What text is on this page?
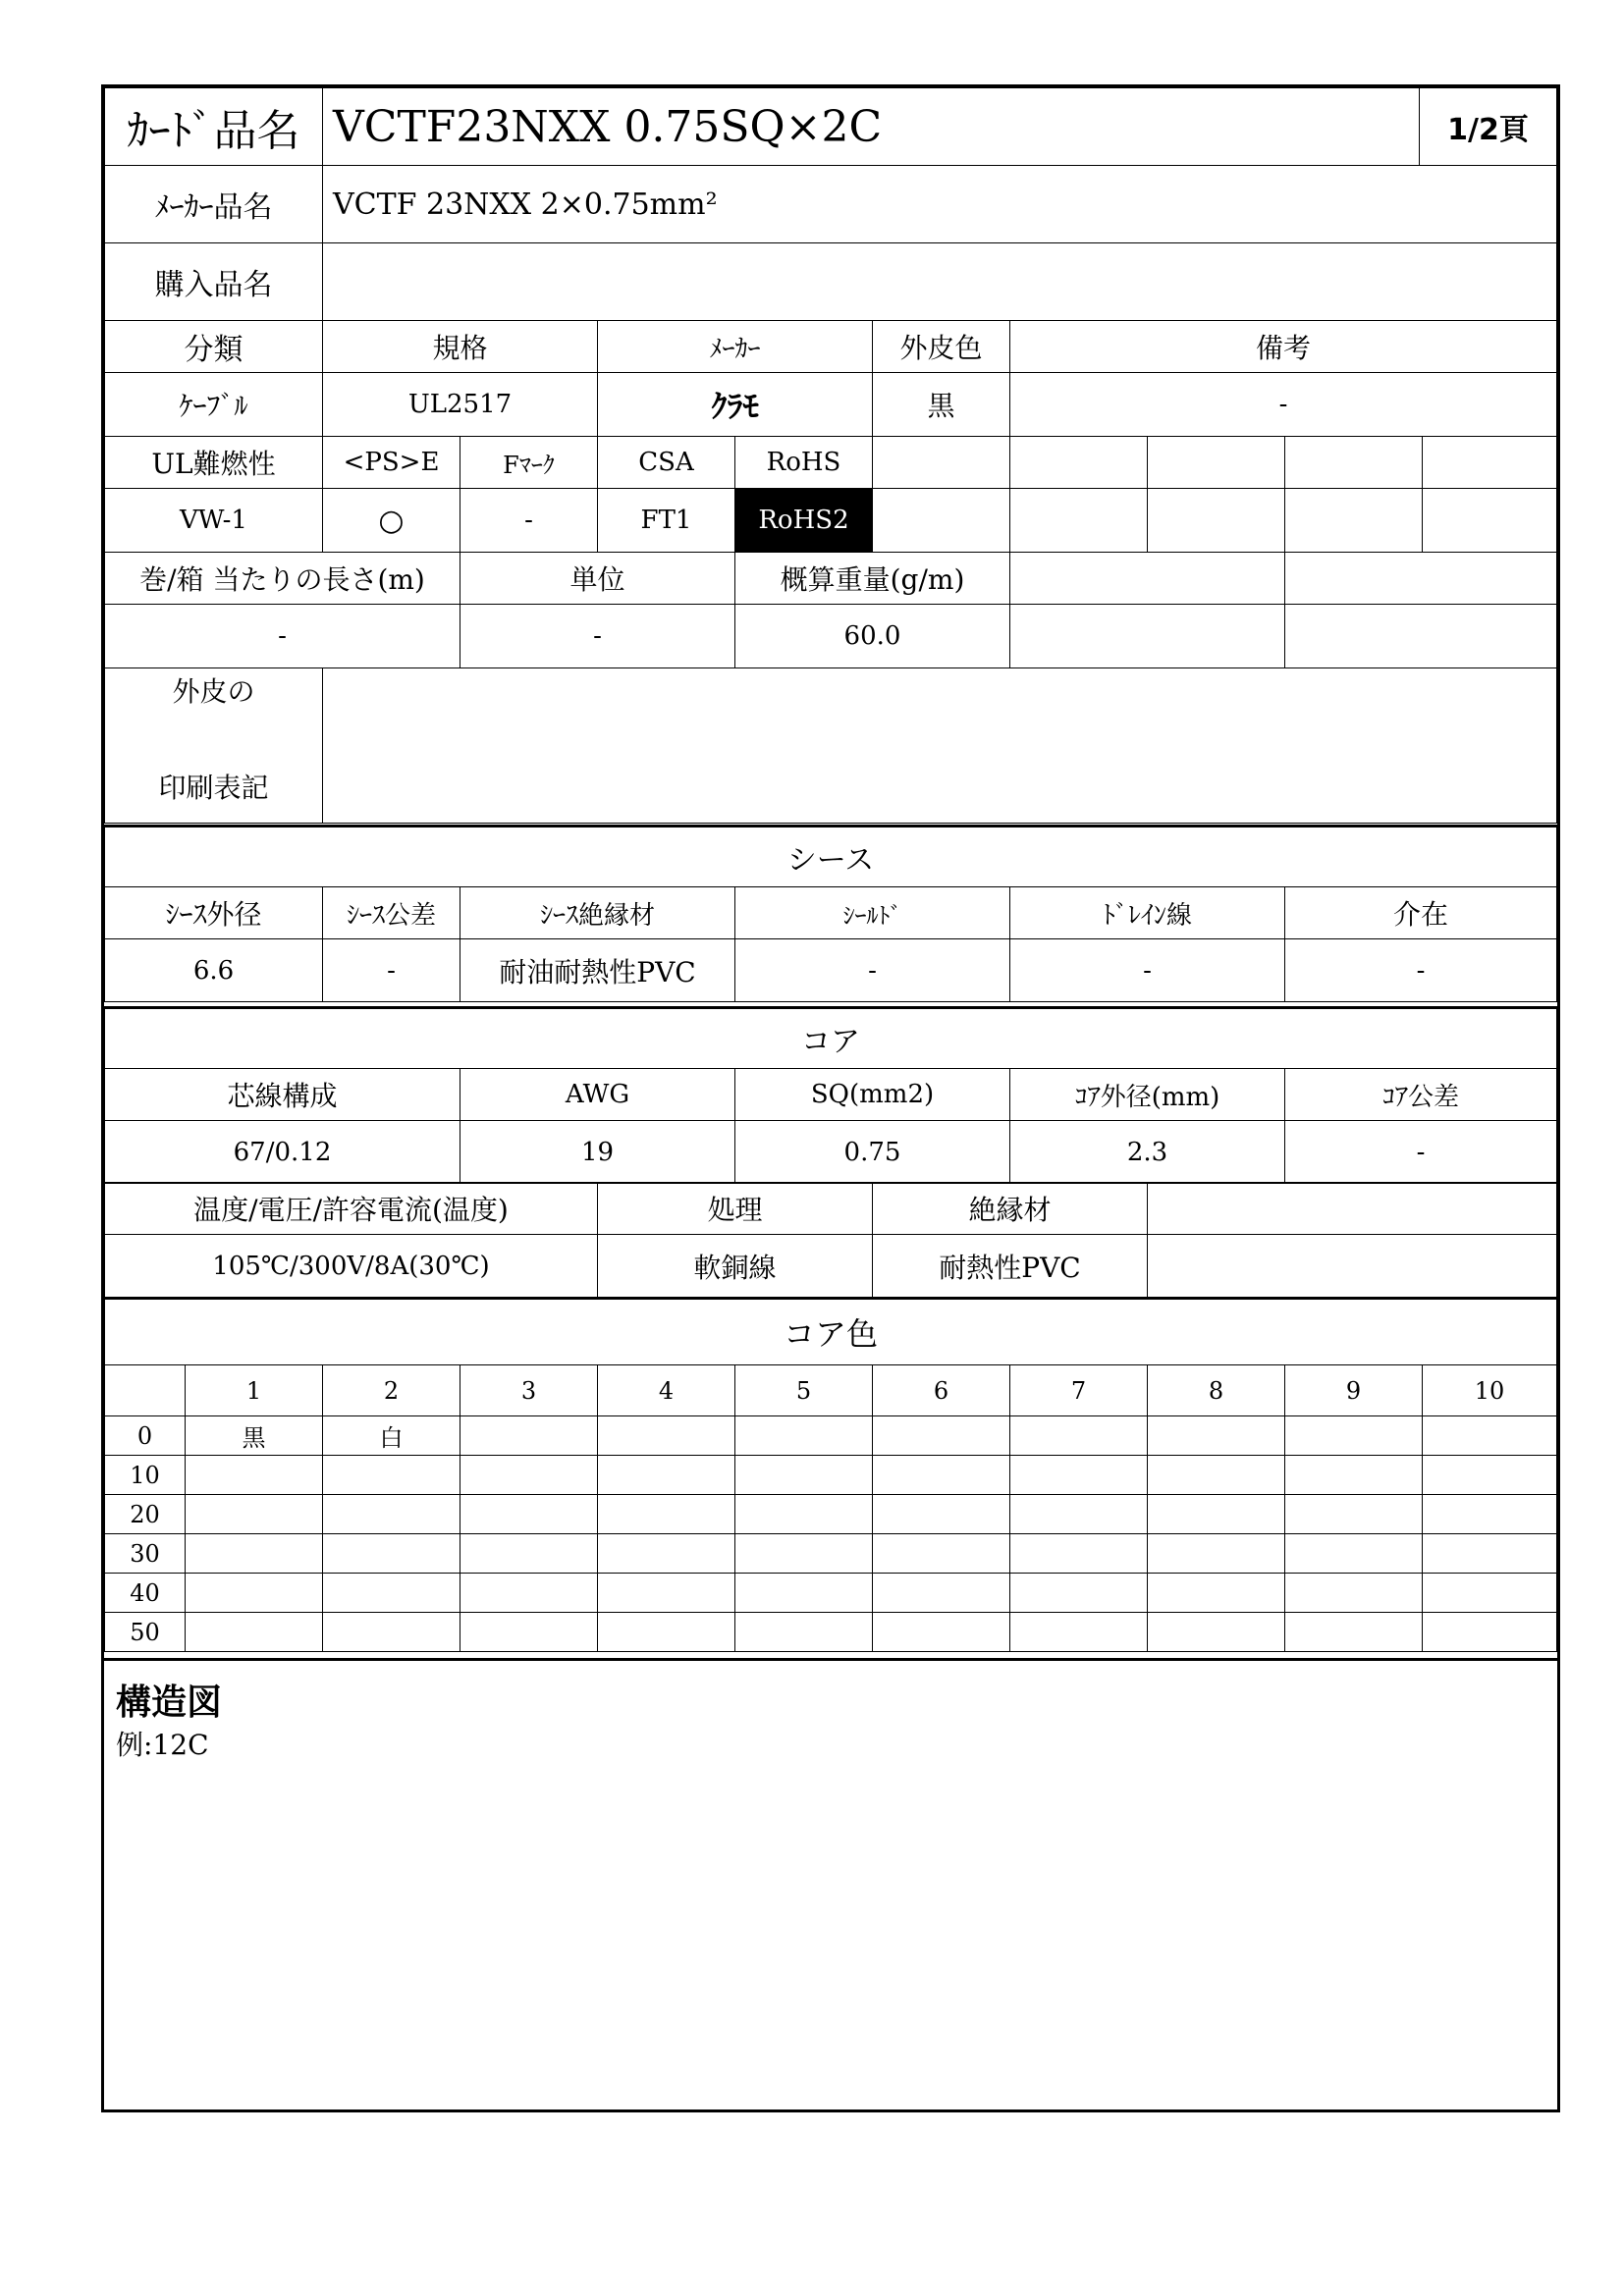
ｶｰﾄﾞ品名	VCTF23NXX 0.75SQ×2C	1/2頁
ﾒｰｶｰ品名	VCTF 23NXX 2×0.75mm²
購入品名	
分類	規格	ﾒｰｶｰ	外皮色	備考
ｹｰﾌﾞﾙ	UL2517	ｸﾗﾓ	黒	-
UL難燃性	<PS>E	Fﾏｰｸ	CSA	RoHS					
VW-1	○	-	FT1	RoHS2					
巻/箱 当たりの長さ(m)	単位	概算重量(g/m)		
-	-	60.0		
外皮の
印刷表記

シース					
ｼｰｽ外径	ｼｰｽ公差	ｼｰｽ絶縁材	ｼｰﾙﾄﾞ	ﾄﾞﾚｲﾝ線	介在
6.6	-	耐油耐熱性PVC	-	-	-
コア				
芯線構成	AWG	SQ(mm2)	ｺｱ外径(mm)	ｺｱ公差
67/0.12	19	0.75	2.3	-
温度/電圧/許容電流(温度)	処理	絶縁材	
105℃/300V/8A(30℃)	軟銅線	耐熱性PVC	
コア色										
	1	2	3	4	5	6	7	8	9	10
0	黒	白								
10										
20										
30										
40										
50										
構造図
例:12C
